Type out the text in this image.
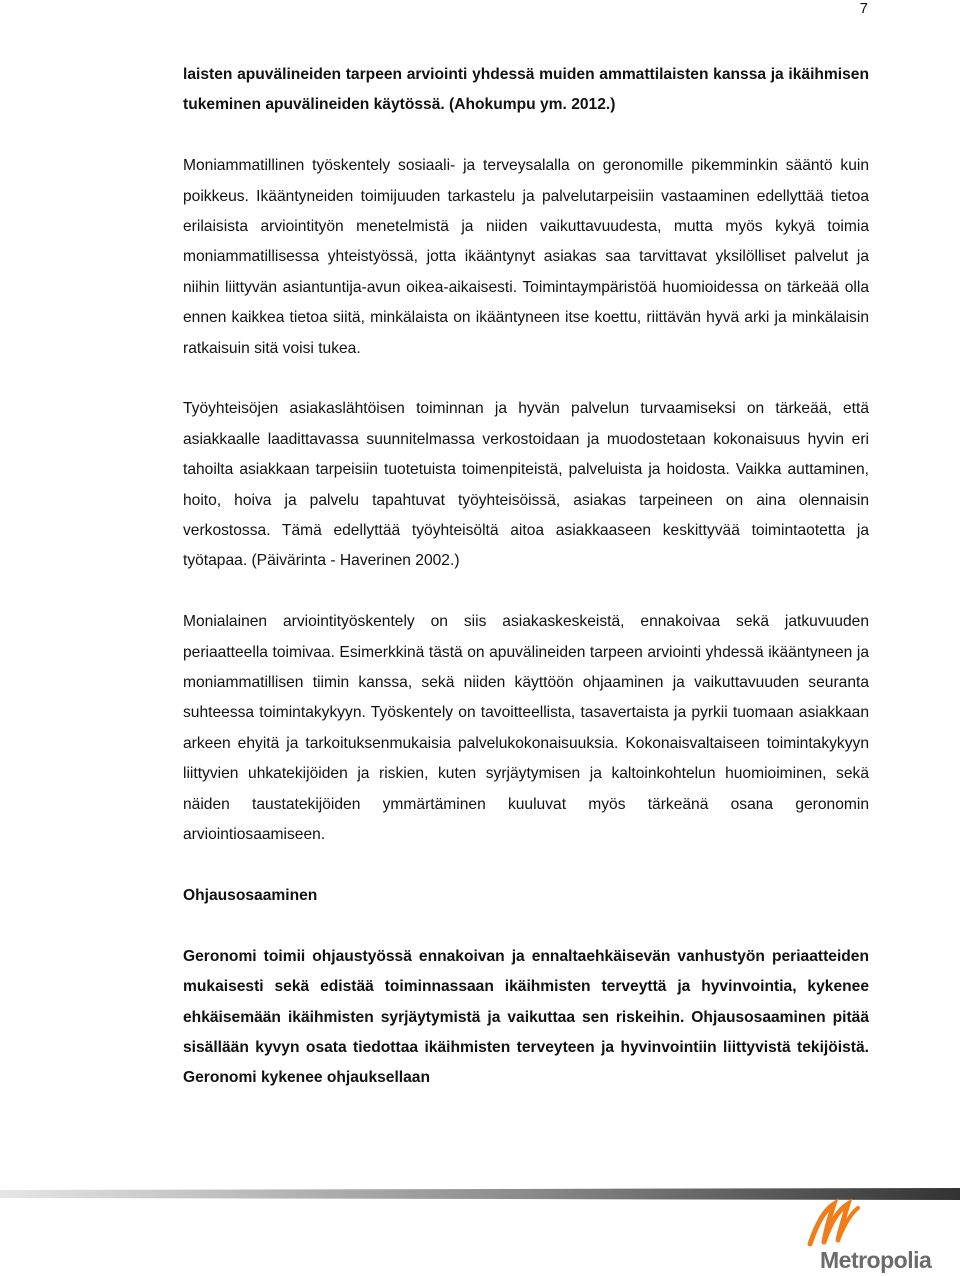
7

laisten apuvälineiden tarpeen arviointi yhdessä muiden ammattilaisten kanssa ja ikäihmisen tukeminen apuvälineiden käytössä. (Ahokumpu ym. 2012.)

Moniammatillinen työskentely sosiaali- ja terveysalalla on geronomille pikemminkin sääntö kuin poikkeus. Ikääntyneiden toimijuuden tarkastelu ja palvelutarpeisiin vastaaminen edellyttää tietoa erilaisista arviointityön menetelmistä ja niiden vaikuttavuudesta, mutta myös kykyä toimia moniammatillisessa yhteistyössä, jotta ikääntynyt asiakas saa tarvittavat yksilölliset palvelut ja niihin liittyvän asiantuntija-avun oikea-aikaisesti. Toimintaympäristöä huomioidessa on tärkeää olla ennen kaikkea tietoa siitä, minkälaista on ikääntyneen itse koettu, riittävän hyvä arki ja minkälaisin ratkaisuin sitä voisi tukea.

Työyhteisöjen asiakaslähtöisen toiminnan ja hyvän palvelun turvaamiseksi on tärkeää, että asiakkaalle laadittavassa suunnitelmassa verkostoidaan ja muodostetaan kokonaisuus hyvin eri tahoilta asiakkaan tarpeisiin tuotetuista toimenpiteistä, palveluista ja hoidosta. Vaikka auttaminen, hoito, hoiva ja palvelu tapahtuvat työyhteisöissä, asiakas tarpeineen on aina olennaisin verkostossa. Tämä edellyttää työyhteisöltä aitoa asiakkaaseen keskittyvää toimintaotetta ja työtapaa. (Päivärinta - Haverinen 2002.)

Monialainen arviointityöskentely on siis asiakaskeskeistä, ennakoivaa sekä jatkuvuuden periaatteella toimivaa. Esimerkkinä tästä on apuvälineiden tarpeen arviointi yhdessä ikääntyneen ja moniammatillisen tiimin kanssa, sekä niiden käyttöön ohjaaminen ja vaikuttavuuden seuranta suhteessa toimintakykyyn. Työskentely on tavoitteellista, tasavertaista ja pyrkii tuomaan asiakkaan arkeen ehyitä ja tarkoituksenmukaisia palvelukokonaisuuksia. Kokonaisvaltaiseen toimintakykyyn liittyvien uhkatekijöiden ja riskien, kuten syrjäytymisen ja kaltoinkohtelun huomioiminen, sekä näiden taustatekijöiden ymmärtäminen kuuluvat myös tärkeänä osana geronomin arviointiosaamiseen.

Ohjausosaaminen

Geronomi toimii ohjaustyössä ennakoivan ja ennaltaehkäisevän vanhustyön periaatteiden mukaisesti sekä edistää toiminnassaan ikäihmisten terveyttä ja hyvinvointia, kykenee ehkäisemään ikäihmisten syrjäytymistä ja vaikuttaa sen riskeihin. Ohjausosaaminen pitää sisällään kyvyn osata tiedottaa ikäihmisten terveyteen ja hyvinvointiin liittyvistä tekijöistä. Geronomi kykenee ohjauksellaan

Metropolia
